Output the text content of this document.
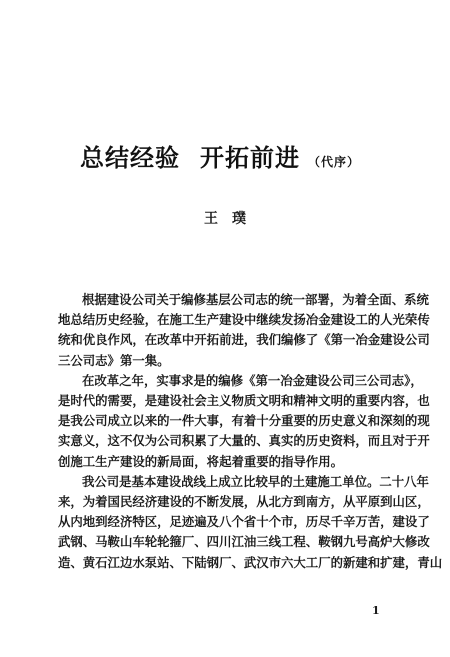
总结经验 开拓前进 （代序）
王璞
根据建设公司关于编修基层公司志的统一部署，为着全面、系统
地总结历史经验，在施工生产建设中继续发扬冶金建设工的人光荣传
统和优良作风，在改革中开拓前进，我们编修了《第一冶金建设公司
三公司志》第一集。
在改革之年，实事求是的编修《第一冶金建设公司三公司志》，
是时代的需要，是建设社会主义物质文明和精神文明的重要内容，也
是我公司成立以来的一件大事，有着十分重要的历史意义和深刻的现
实意义，这不仅为公司积累了大量的、真实的历史资料，而且对于开
创施工生产建设的新局面，将起着重要的指导作用。
我公司是基本建设战线上成立比较早的土建施工单位。二十八年
来，为着国民经济建设的不断发展，从北方到南方，从平原到山区，
从内地到经济特区，足迹遍及八个省十个市，历尽千辛万苦，建设了
武钢、马鞍山车轮轮箍厂、四川江油三线工程、鞍钢九号高炉大修改
造、黄石江边水泵站、下陆钢厂、武汉市六大工厂的新建和扩建，青山
1
